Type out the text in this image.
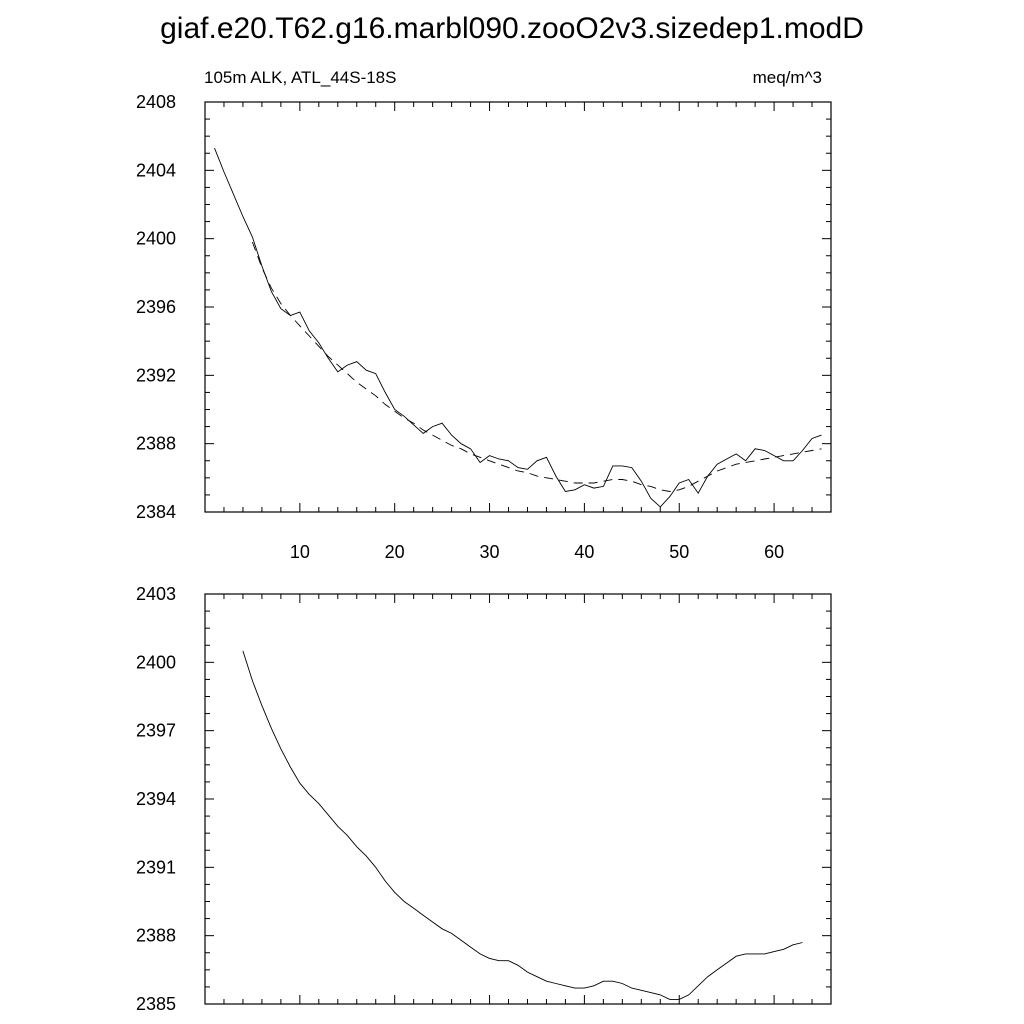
giaf.e20.T62.g16.marbl090.zooO2v3.sizedep1.modD
105m ALK, ATL_44S-18S	meq/m^3
10	20	30	40	50	60
2384
2388
2392
2396
2400
2404
2408
2385
2388
2391
2394
2397
2400
2403
